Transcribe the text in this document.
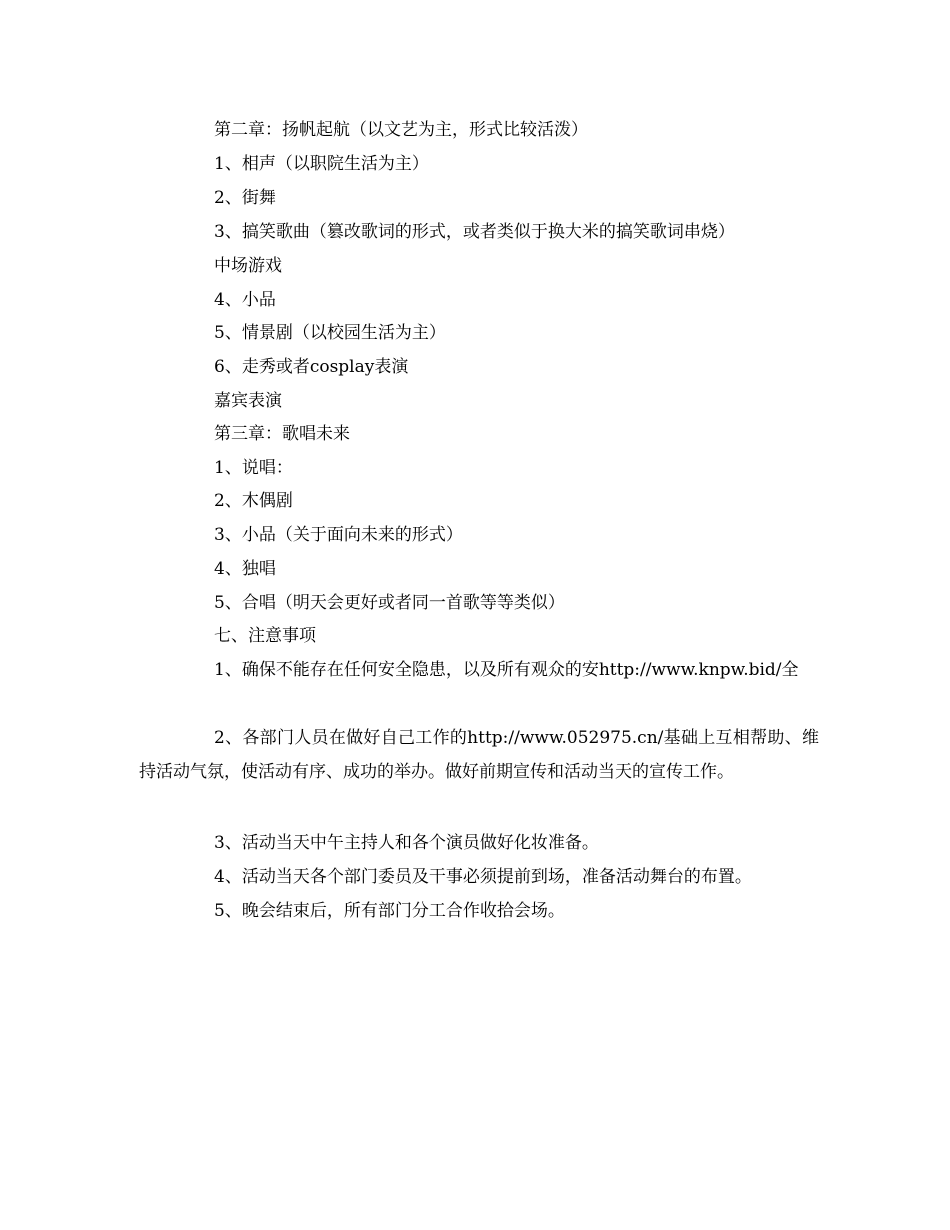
第二章：扬帆起航（以文艺为主，形式比较活泼）
1、相声（以职院生活为主）
2、街舞
3、搞笑歌曲（篡改歌词的形式，或者类似于换大米的搞笑歌词串烧）
中场游戏
4、小品
5、情景剧（以校园生活为主）
6、走秀或者cosplay表演
嘉宾表演
第三章：歌唱未来
1、说唱：
2、木偶剧
3、小品（关于面向未来的形式）
4、独唱
5、合唱（明天会更好或者同一首歌等等类似）
七、注意事项
1、确保不能存在任何安全隐患，以及所有观众的安http://www.knpw.bid/全
2、各部门人员在做好自己工作的http://www.052975.cn/基础上互相帮助、维持活动气氛，使活动有序、成功的举办。做好前期宣传和活动当天的宣传工作。
3、活动当天中午主持人和各个演员做好化妆准备。
4、活动当天各个部门委员及干事必须提前到场，准备活动舞台的布置。
5、晚会结束后，所有部门分工合作收拾会场。
